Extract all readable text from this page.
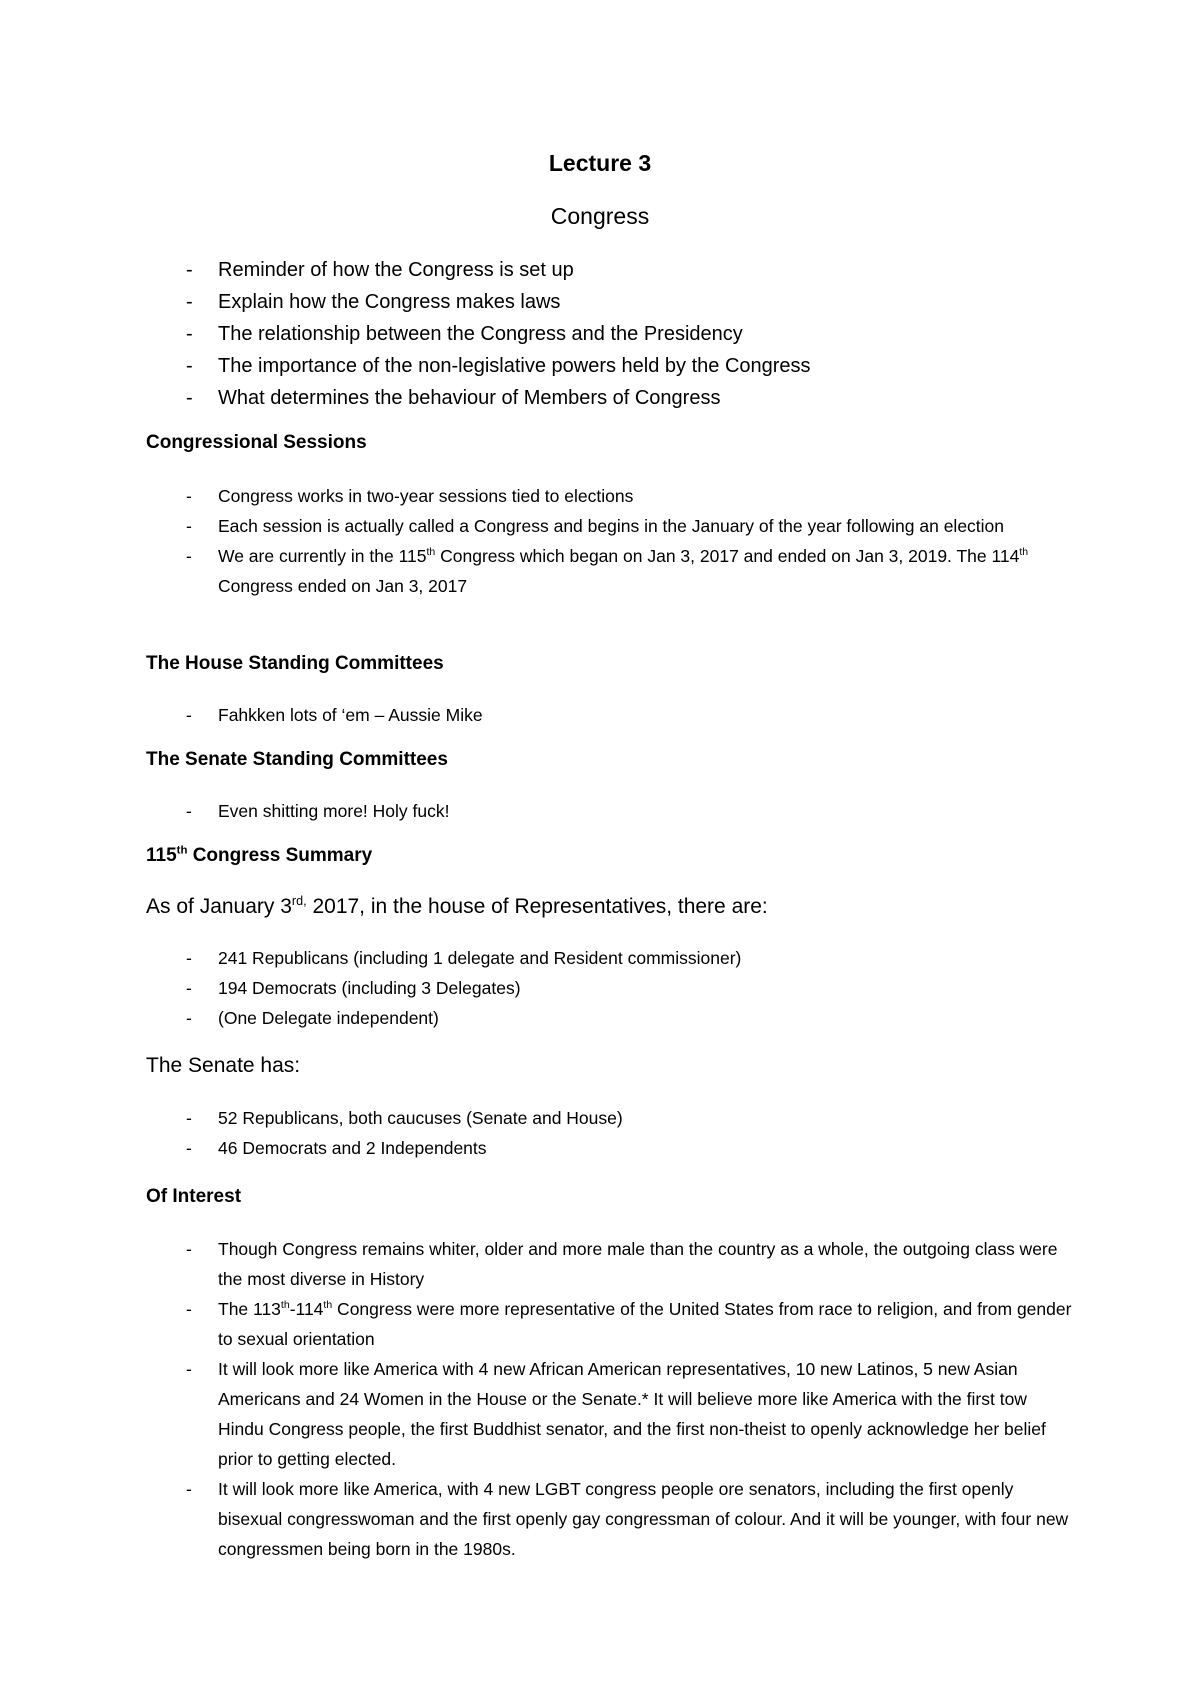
Lecture 3
Congress
- Reminder of how the Congress is set up
- Explain how the Congress makes laws
- The relationship between the Congress and the Presidency
- The importance of the non-legislative powers held by the Congress
- What determines the behaviour of Members of Congress
Congressional Sessions
- Congress works in two-year sessions tied to elections
- Each session is actually called a Congress and begins in the January of the year following an election
- We are currently in the 115th Congress which began on Jan 3, 2017 and ended on Jan 3, 2019. The 114th Congress ended on Jan 3, 2017
The House Standing Committees
- Fahkken lots of ‘em – Aussie Mike
The Senate Standing Committees
- Even shitting more! Holy fuck!
115th Congress Summary
As of January $3^{rd,}$ 2017, in the house of Representatives, there are:
- 241 Republicans (including 1 delegate and Resident commissioner)
- 194 Democrats (including 3 Delegates)
- (One Delegate independent)
The Senate has:
- 52 Republicans, both caucuses (Senate and House)
- 46 Democrats and 2 Independents
Of Interest
- Though Congress remains whiter, older and more male than the country as a whole, the outgoing class were the most diverse in History
- The 113th-114th Congress were more representative of the United States from race to religion, and from gender to sexual orientation
- It will look more like America with 4 new African American representatives, 10 new Latinos, 5 new Asian Americans and 24 Women in the House or the Senate.* It will believe more like America with the first tow Hindu Congress people, the first Buddhist senator, and the first non-theist to openly acknowledge her belief prior to getting elected.
- It will look more like America, with 4 new LGBT congress people ore senators, including the first openly bisexual congresswoman and the first openly gay congressman of colour. And it will be younger, with four new congressmen being born in the 1980s.
